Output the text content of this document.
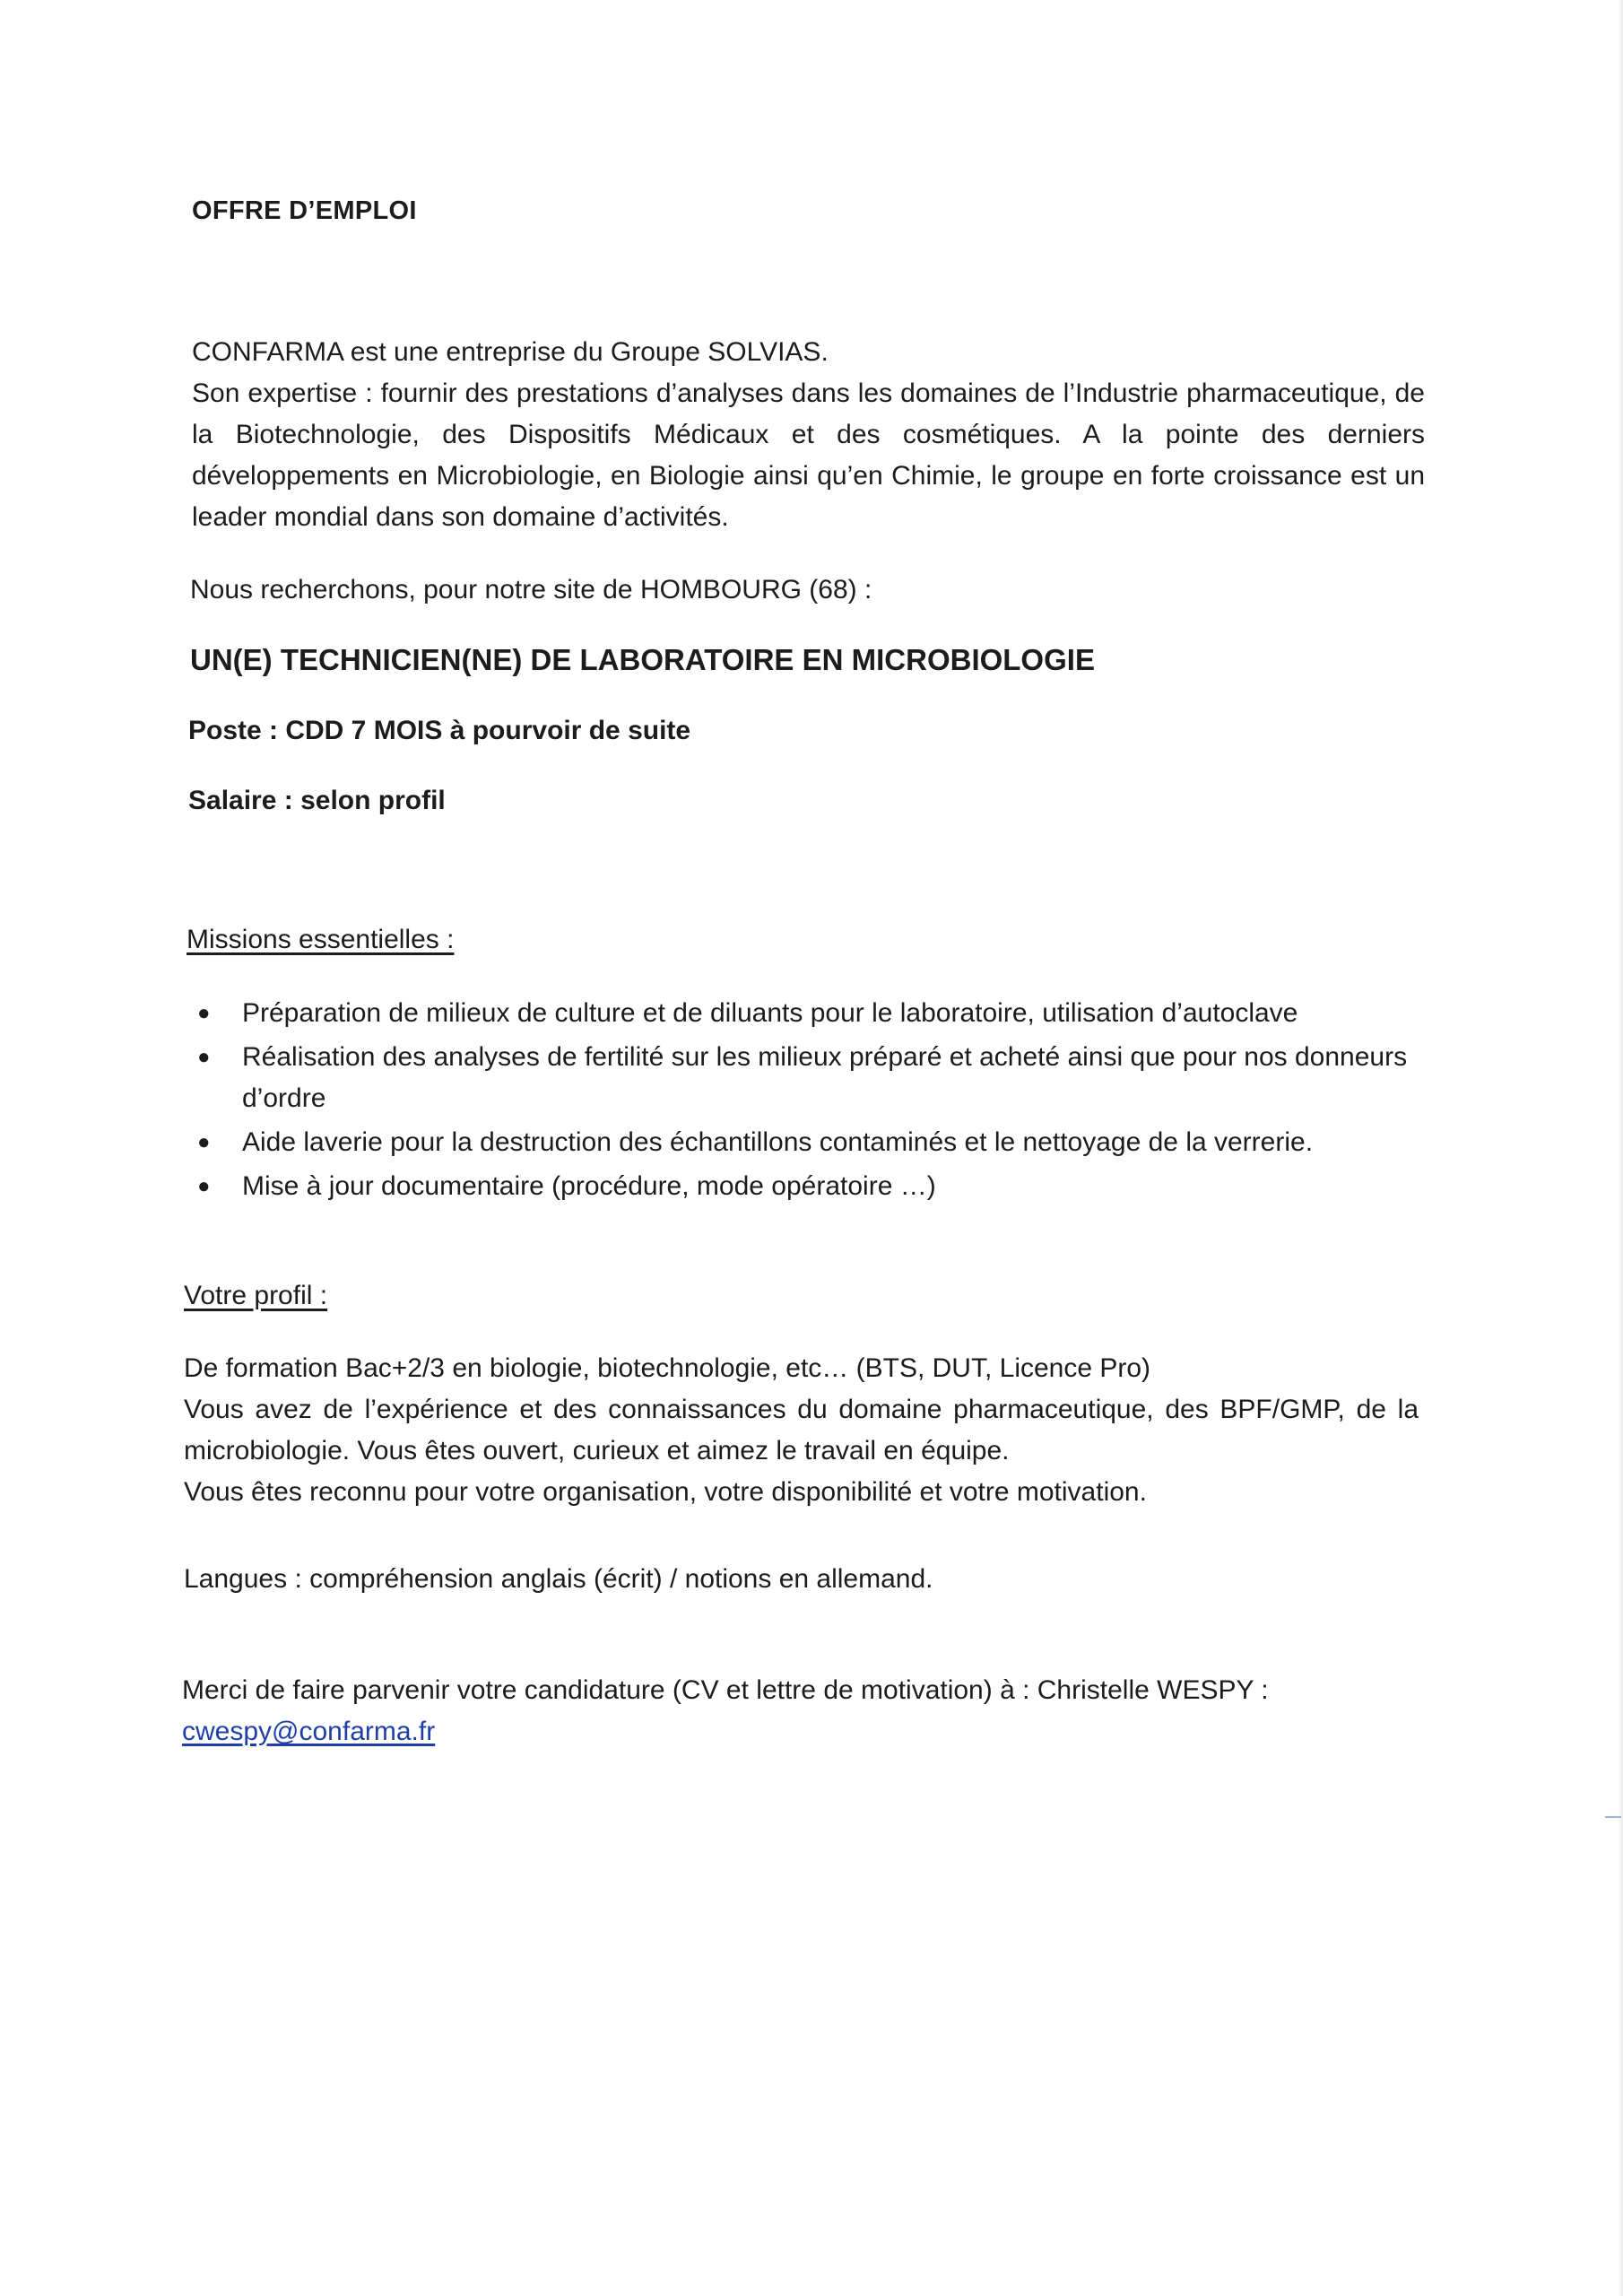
OFFRE D’EMPLOI

CONFARMA est une entreprise du Groupe SOLVIAS.

Son expertise : fournir des prestations d’analyses dans les domaines de l’Industrie pharmaceutique, de la Biotechnologie, des Dispositifs Médicaux et des cosmétiques. A la pointe des derniers développements en Microbiologie, en Biologie ainsi qu’en Chimie, le groupe en forte croissance est un leader mondial dans son domaine d’activités.

Nous recherchons, pour notre site de HOMBOURG (68) :
UN(E) TECHNICIEN(NE) DE LABORATOIRE EN MICROBIOLOGIE
Poste : CDD 7 MOIS à pourvoir de suite
Salaire : selon profil
Missions essentielles :
● Préparation de milieux de culture et de diluants pour le laboratoire, utilisation d’autoclave
● Réalisation des analyses de fertilité sur les milieux préparé et acheté ainsi que pour nos donneurs d’ordre
● Aide laverie pour la destruction des échantillons contaminés et le nettoyage de la verrerie.
● Mise à jour documentaire (procédure, mode opératoire …)
Votre profil :

De formation Bac+2/3 en biologie, biotechnologie, etc… (BTS, DUT, Licence Pro)

Vous avez de l’expérience et des connaissances du domaine pharmaceutique, des BPF/GMP, de la microbiologie. Vous êtes ouvert, curieux et aimez le travail en équipe.

Vous êtes reconnu pour votre organisation, votre disponibilité et votre motivation.

Langues : compréhension anglais (écrit) / notions en allemand.

Merci de faire parvenir votre candidature (CV et lettre de motivation) à : Christelle WESPY :

cwespy@confarma.fr
